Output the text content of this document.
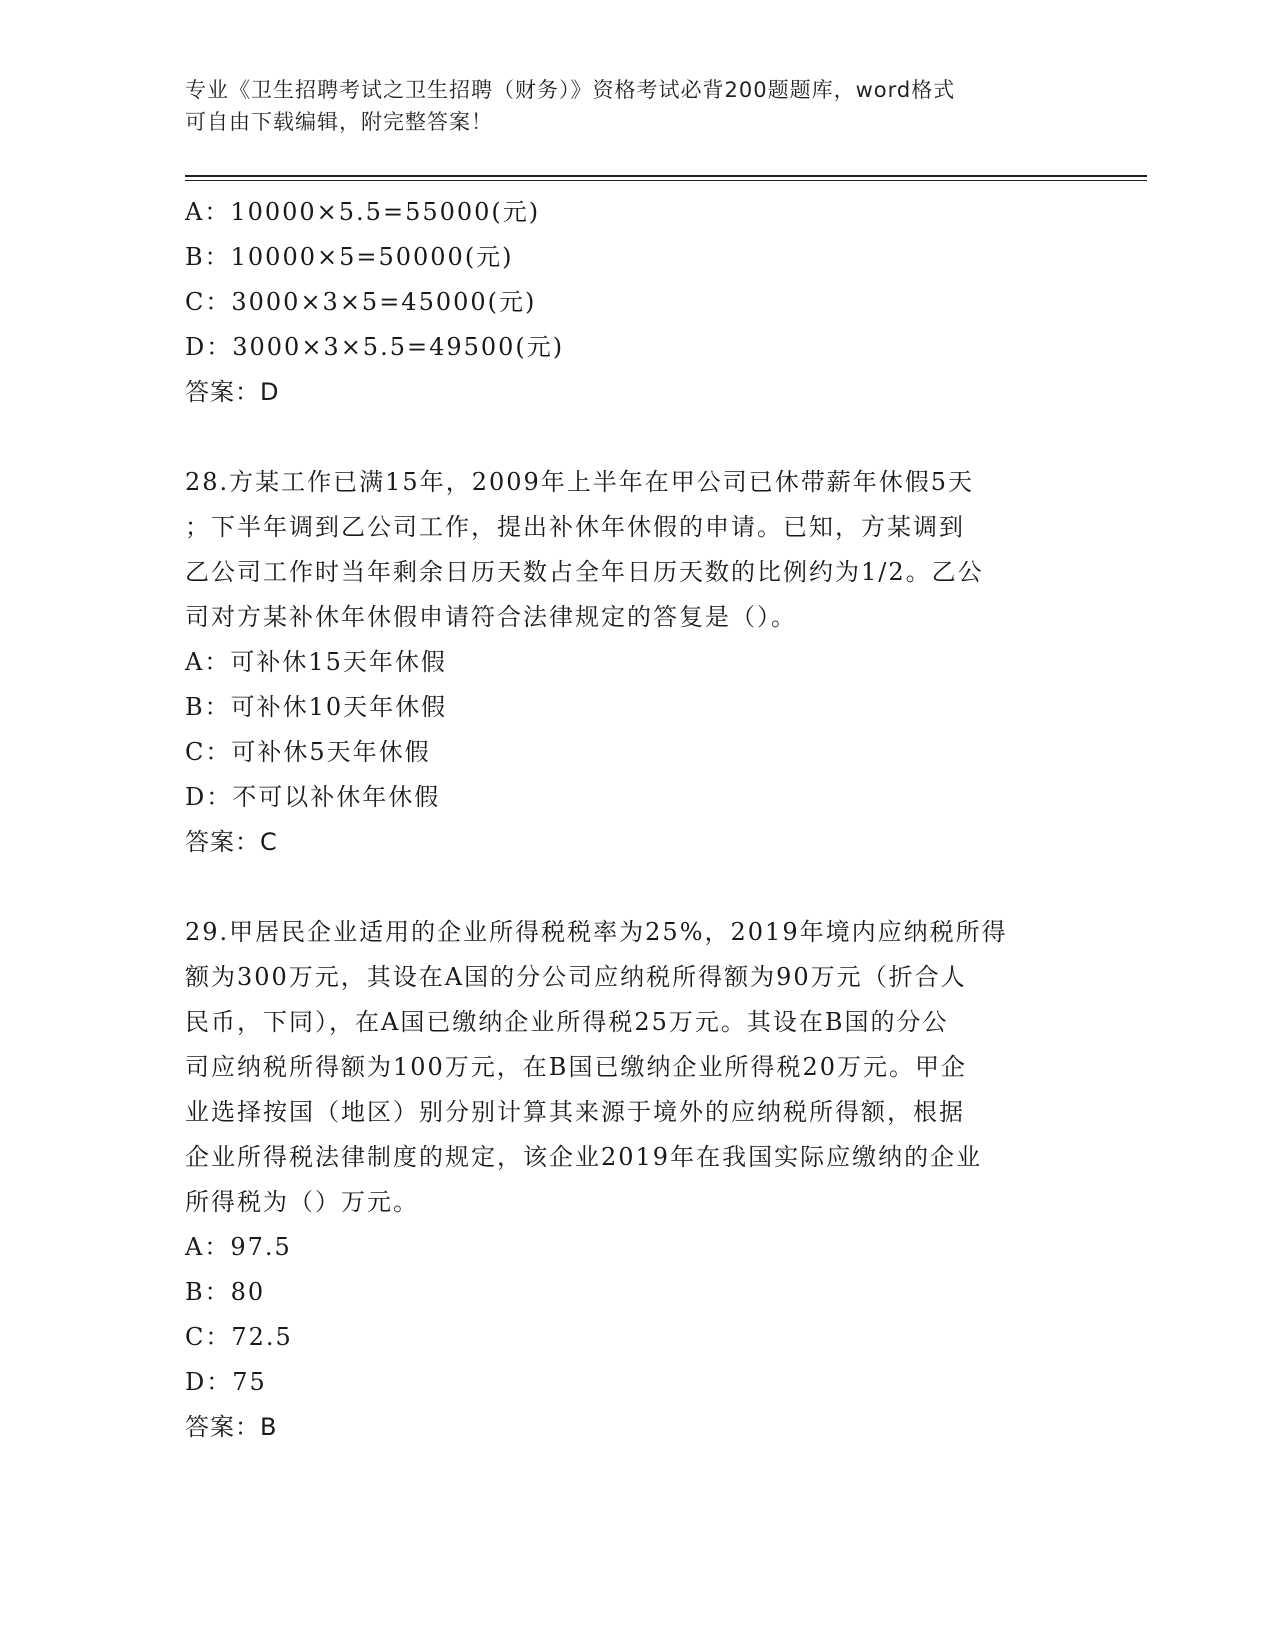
专业《卫生招聘考试之卫生招聘（财务）》资格考试必背200题题库，word格式
可自由下载编辑，附完整答案！
A：10000×5.5=55000(元)
B：10000×5=50000(元)
C：3000×3×5=45000(元)
D：3000×3×5.5=49500(元)
答案：D
28.方某工作已满15年，2009年上半年在甲公司已休带薪年休假5天
；下半年调到乙公司工作，提出补休年休假的申请。已知，方某调到
乙公司工作时当年剩余日历天数占全年日历天数的比例约为1/2。乙公
司对方某补休年休假申请符合法律规定的答复是（）。
A：可补休15天年休假
B：可补休10天年休假
C：可补休5天年休假
D：不可以补休年休假
答案：C
29.甲居民企业适用的企业所得税税率为25%，2019年境内应纳税所得
额为300万元，其设在A国的分公司应纳税所得额为90万元（折合人
民币，下同），在A国已缴纳企业所得税25万元。其设在B国的分公
司应纳税所得额为100万元，在B国已缴纳企业所得税20万元。甲企
业选择按国（地区）别分别计算其来源于境外的应纳税所得额，根据
企业所得税法律制度的规定，该企业2019年在我国实际应缴纳的企业
所得税为（）万元。
A：97.5
B：80
C：72.5
D：75
答案：B
